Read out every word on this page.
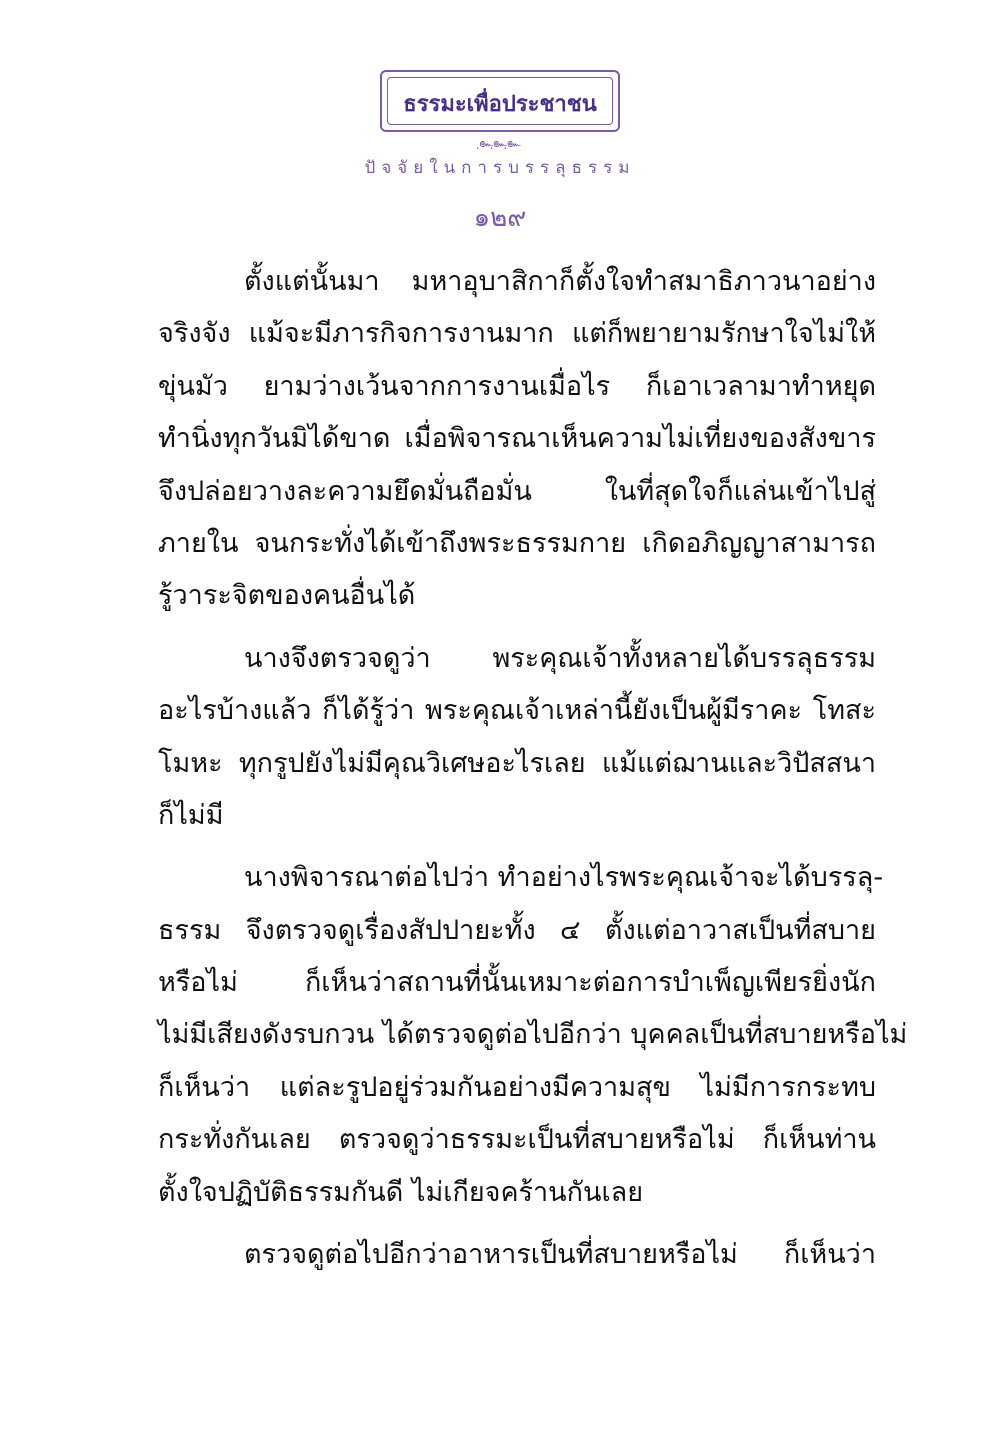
ธรรมะเพื่อประชาชน
ฺ๛ฺ๛ฺ๛
ปัจจัยในการบรรลุธรรม
๑๒๙
ตั้งแต่นั้นมา มหาอุบาสิกาก็ตั้งใจทำสมาธิภาวนาอย่าง
จริงจัง แม้จะมีภารกิจการงานมาก แต่ก็พยายามรักษาใจไม่ให้
ขุ่นมัว ยามว่างเว้นจากการงานเมื่อไร ก็เอาเวลามาทำหยุด
ทำนิ่งทุกวันมิได้ขาด เมื่อพิจารณาเห็นความไม่เที่ยงของสังขาร
จึงปล่อยวางละความยึดมั่นถือมั่น ในที่สุดใจก็แล่นเข้าไปสู่
ภายใน จนกระทั่งได้เข้าถึงพระธรรมกาย เกิดอภิญญาสามารถ
รู้วาระจิตของคนอื่นได้
นางจึงตรวจดูว่า พระคุณเจ้าทั้งหลายได้บรรลุธรรม
อะไรบ้างแล้ว ก็ได้รู้ว่า พระคุณเจ้าเหล่านี้ยังเป็นผู้มีราคะ โทสะ
โมหะ ทุกรูปยังไม่มีคุณวิเศษอะไรเลย แม้แต่ฌานและวิปัสสนา
ก็ไม่มี
นางพิจารณาต่อไปว่า ทำอย่างไรพระคุณเจ้าจะได้บรรลุ-
ธรรม จึงตรวจดูเรื่องสัปปายะทั้ง ๔ ตั้งแต่อาวาสเป็นที่สบาย
หรือไม่ ก็เห็นว่าสถานที่นั้นเหมาะต่อการบำเพ็ญเพียรยิ่งนัก
ไม่มีเสียงดังรบกวน ได้ตรวจดูต่อไปอีกว่า บุคคลเป็นที่สบายหรือไม่
ก็เห็นว่า แต่ละรูปอยู่ร่วมกันอย่างมีความสุข ไม่มีการกระทบ
กระทั่งกันเลย ตรวจดูว่าธรรมะเป็นที่สบายหรือไม่ ก็เห็นท่าน
ตั้งใจปฏิบัติธรรมกันดี ไม่เกียจคร้านกันเลย
ตรวจดูต่อไปอีกว่าอาหารเป็นที่สบายหรือไม่ ก็เห็นว่า
